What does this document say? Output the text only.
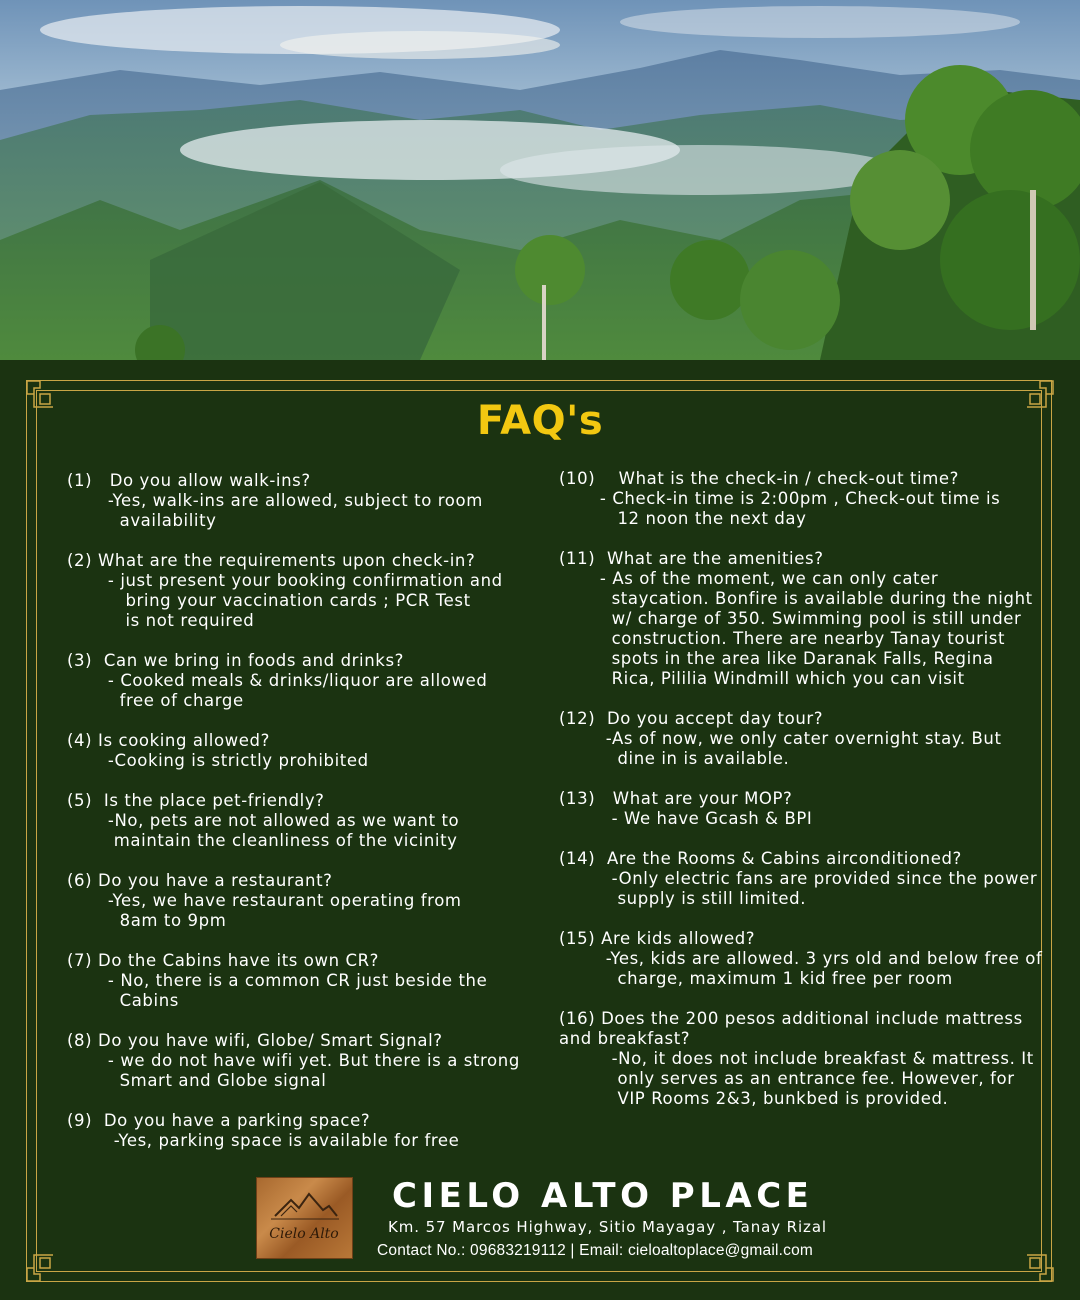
FAQ's
(1)   Do you allow walk-ins?
-Yes, walk-ins are allowed, subject to room
availability
(2) What are the requirements upon check-in?
- just present your booking confirmation and
bring your vaccination cards ; PCR Test
is not required
(3)  Can we bring in foods and drinks?
- Cooked meals & drinks/liquor are allowed
free of charge
(4) Is cooking allowed?
-Cooking is strictly prohibited
(5)  Is the place pet-friendly?
-No, pets are not allowed as we want to
maintain the cleanliness of the vicinity
(6) Do you have a restaurant?
-Yes, we have restaurant operating from
8am to 9pm
(7) Do the Cabins have its own CR?
- No, there is a common CR just beside the
Cabins
(8) Do you have wifi, Globe/ Smart Signal?
- we do not have wifi yet. But there is a strong
Smart and Globe signal
(9)  Do you have a parking space?
-Yes, parking space is available for free
(10)    What is the check-in / check-out time?
- Check-in time is 2:00pm , Check-out time is
12 noon the next day
(11)  What are the amenities?
- As of the moment, we can only cater
staycation. Bonfire is available during the night
w/ charge of 350. Swimming pool is still under
construction. There are nearby Tanay tourist
spots in the area like Daranak Falls, Regina
Rica, Pililia Windmill which you can visit
(12)  Do you accept day tour?
-As of now, we only cater overnight stay. But
dine in is available.
(13)   What are your MOP?
- We have Gcash & BPI
(14)  Are the Rooms & Cabins airconditioned?
-Only electric fans are provided since the power
supply is still limited.
(15) Are kids allowed?
-Yes, kids are allowed. 3 yrs old and below free of
charge, maximum 1 kid free per room
(16) Does the 200 pesos additional include mattress
and breakfast?
-No, it does not include breakfast & mattress. It
only serves as an entrance fee. However, for
VIP Rooms 2&3, bunkbed is provided.
Cielo Alto
CIELO ALTO PLACE
Km. 57 Marcos Highway, Sitio Mayagay , Tanay Rizal
Contact No.: 09683219112 | Email: cieloaltoplace@gmail.com
